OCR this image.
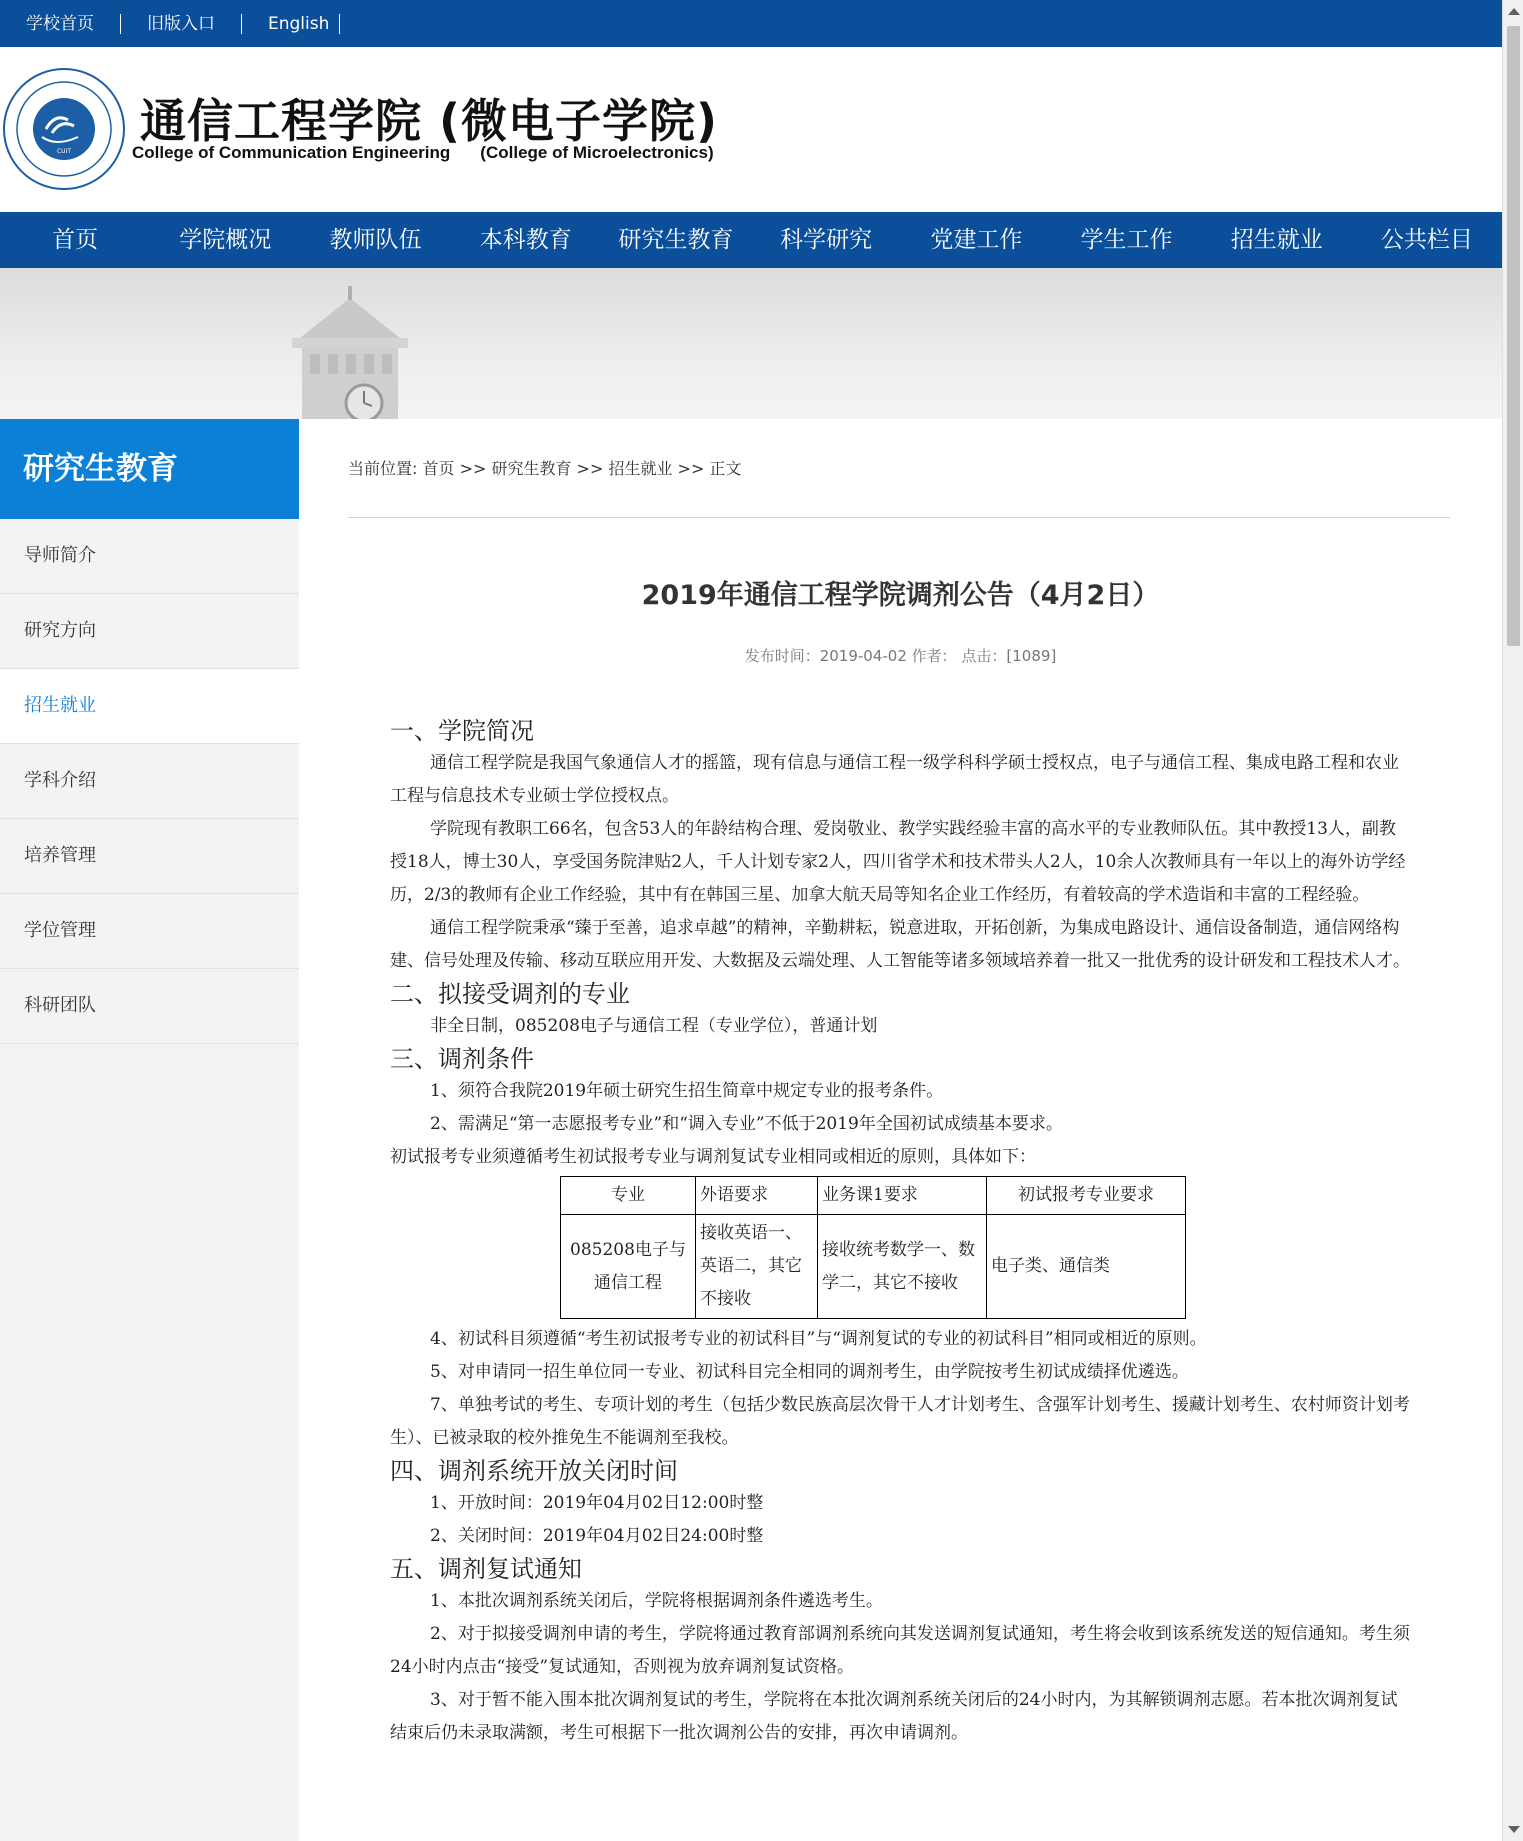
学校首页	旧版入口	English
CUIT
通信工程学院 (微电子学院)
College of Communication Engineering (College of Microelectronics)
首页	学院概况	教师队伍	本科教育	研究生教育	科学研究	党建工作	学生工作	招生就业	公共栏目
研究生教育
导师简介
研究方向
招生就业
学科介绍
培养管理
学位管理
科研团队
当前位置: 首页 >> 研究生教育 >> 招生就业 >> 正文
2019年通信工程学院调剂公告（4月2日）
发布时间：2019-04-02 作者： 点击：[1089]
一、学院简况
通信工程学院是我国气象通信人才的摇篮，现有信息与通信工程一级学科科学硕士授权点，电子与通信工程、集成电路工程和农业工程与信息技术专业硕士学位授权点。
学院现有教职工66名，包含53人的年龄结构合理、爱岗敬业、教学实践经验丰富的高水平的专业教师队伍。其中教授13人，副教授18人，博士30人，享受国务院津贴2人，千人计划专家2人，四川省学术和技术带头人2人，10余人次教师具有一年以上的海外访学经历，2/3的教师有企业工作经验，其中有在韩国三星、加拿大航天局等知名企业工作经历，有着较高的学术造诣和丰富的工程经验。
通信工程学院秉承“臻于至善，追求卓越”的精神，辛勤耕耘，锐意进取，开拓创新，为集成电路设计、通信设备制造，通信网络构建、信号处理及传输、移动互联应用开发、大数据及云端处理、人工智能等诸多领域培养着一批又一批优秀的设计研发和工程技术人才。
二、拟接受调剂的专业
非全日制，085208电子与通信工程（专业学位），普通计划
三、调剂条件
1、须符合我院2019年硕士研究生招生简章中规定专业的报考条件。
2、需满足“第一志愿报考专业”和“调入专业”不低于2019年全国初试成绩基本要求。
初试报考专业须遵循考生初试报考专业与调剂复试专业相同或相近的原则，具体如下：
专业	外语要求	业务课1要求	初试报考专业要求
085208电子与通信工程	接收英语一、英语二，其它不接收	接收统考数学一、数学二，其它不接收	电子类、通信类
4、初试科目须遵循“考生初试报考专业的初试科目”与“调剂复试的专业的初试科目”相同或相近的原则。
5、对申请同一招生单位同一专业、初试科目完全相同的调剂考生，由学院按考生初试成绩择优遴选。
7、单独考试的考生、专项计划的考生（包括少数民族高层次骨干人才计划考生、含强军计划考生、援藏计划考生、农村师资计划考生）、已被录取的校外推免生不能调剂至我校。
四、调剂系统开放关闭时间
1、开放时间：2019年04月02日12:00时整
2、关闭时间：2019年04月02日24:00时整
五、调剂复试通知
1、本批次调剂系统关闭后，学院将根据调剂条件遴选考生。
2、对于拟接受调剂申请的考生，学院将通过教育部调剂系统向其发送调剂复试通知，考生将会收到该系统发送的短信通知。考生须24小时内点击“接受”复试通知，否则视为放弃调剂复试资格。
3、对于暂不能入围本批次调剂复试的考生，学院将在本批次调剂系统关闭后的24小时内，为其解锁调剂志愿。若本批次调剂复试结束后仍未录取满额，考生可根据下一批次调剂公告的安排，再次申请调剂。
